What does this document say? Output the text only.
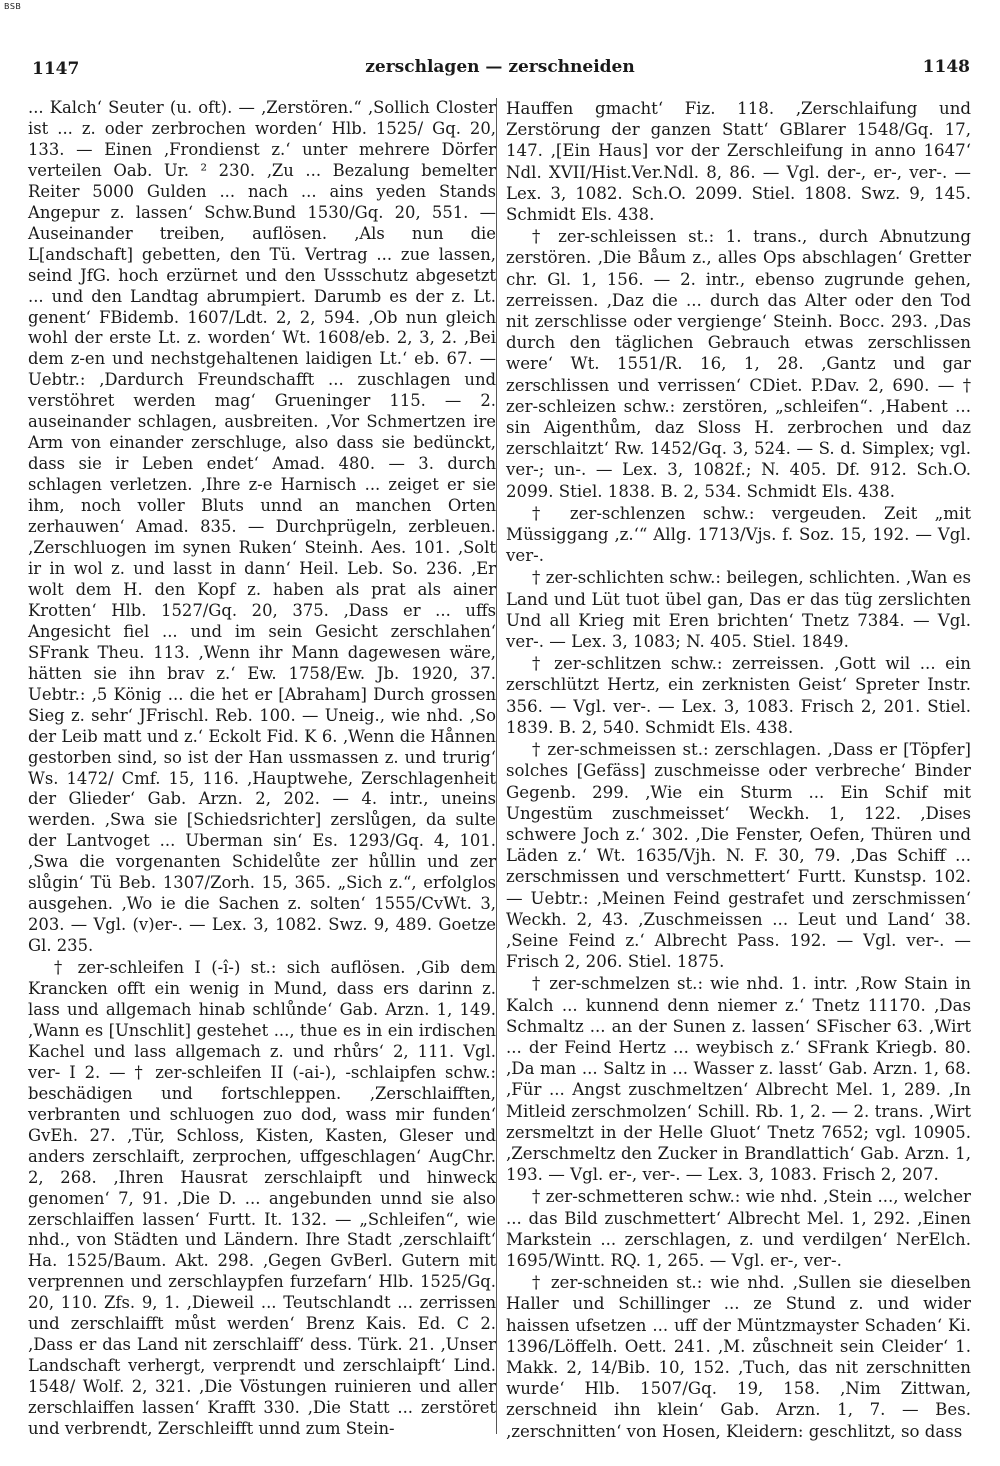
BSB
1147	zerschlagen — zerschneiden	1148

... Kalch‘ Seuter (u. oft). — ‚Zerstören.“ ‚Sollich Closter ist ... z. oder zerbrochen worden‘ Hlb. 1525/ Gq. 20, 133. — Einen ‚Frondienst z.‘ unter mehrere Dörfer verteilen Oab. Ur. ² 230. ‚Zu ... Bezalung bemelter Reiter 5000 Gulden ... nach ... ains yeden Stands Angepur z. lassen‘ Schw.Bund 1530/Gq. 20, 551. — Auseinander treiben, auflösen. ‚Als nun die L[andschaft] gebetten, den Tü. Vertrag ... zue lassen, seind JfG. hoch erzürnet und den Ussschutz abgesetzt ... und den Landtag abrumpiert. Darumb es der z. Lt. genent‘ FBidemb. 1607/Ldt. 2, 2, 594. ‚Ob nun gleich wohl der erste Lt. z. worden‘ Wt. 1608/eb. 2, 3, 2. ‚Bei dem z-en und nechstgehaltenen laidigen Lt.‘ eb. 67. — Uebtr.: ‚Dardurch Freundschafft ... zuschlagen und verstöhret werden mag‘ Grueninger 115. — 2. auseinander schlagen, ausbreiten. ‚Vor Schmertzen ire Arm von einander zerschluge, also dass sie bedünckt, dass sie ir Leben endet‘ Amad. 480. — 3. durch schlagen verletzen. ‚Ihre z-e Harnisch ... zeiget er sie ihm, noch voller Bluts unnd an manchen Orten zerhauwen‘ Amad. 835. — Durchprügeln, zerbleuen. ‚Zerschluogen im synen Ruken‘ Steinh. Aes. 101. ‚Solt ir in wol z. und lasst in dann‘ Heil. Leb. So. 236. ‚Er wolt dem H. den Kopf z. haben als prat als ainer Krotten‘ Hlb. 1527/Gq. 20, 375. ‚Dass er ... uffs Angesicht fiel ... und im sein Gesicht zerschlahen‘ SFrank Theu. 113. ‚Wenn ihr Mann dagewesen wäre, hätten sie ihn brav z.‘ Ew. 1758/Ew. Jb. 1920, 37. Uebtr.: ‚5 König ... die het er [Abraham] Durch grossen Sieg z. sehr‘ JFrischl. Reb. 100. — Uneig., wie nhd. ‚So der Leib matt und z.‘ Eckolt Fid. K 6. ‚Wenn die Hånnen gestorben sind, so ist der Han ussmassen z. und trurig‘ Ws. 1472/ Cmf. 15, 116. ‚Hauptwehe, Zerschlagenheit der Glieder‘ Gab. Arzn. 2, 202. — 4. intr., uneins werden. ‚Swa sie [Schiedsrichter] zerslůgen, da sulte der Lantvoget ... Uberman sin‘ Es. 1293/Gq. 4, 101. ‚Swa die vorgenanten Schidelůte zer hůllin und zer slůgin‘ Tü Beb. 1307/Zorh. 15, 365. „Sich z.“, erfolglos ausgehen. ‚Wo ie die Sachen z. solten‘ 1555/CvWt. 3, 203. — Vgl. (v)er-. — Lex. 3, 1082. Swz. 9, 489. Goetze Gl. 235.

† zer-schleifen I (-î-) st.: sich auflösen. ‚Gib dem Krancken offt ein wenig in Mund, dass ers darinn z. lass und allgemach hinab schlůnde‘ Gab. Arzn. 1, 149. ‚Wann es [Unschlit] gestehet ..., thue es in ein irdischen Kachel und lass allgemach z. und rhůrs‘ 2, 111. Vgl. ver- I 2. — † zer-schleifen II (-ai-), -schlaipfen schw.: beschädigen und fortschleppen. ‚Zerschlaifften, verbranten und schluogen zuo dod, wass mir funden‘ GvEh. 27. ‚Tür, Schloss, Kisten, Kasten, Gleser und anders zerschlaift, zerprochen, uffgeschlagen‘ AugChr. 2, 268. ‚Ihren Hausrat zerschlaipft und hinweck genomen‘ 7, 91. ‚Die D. ... angebunden unnd sie also zerschlaiffen lassen‘ Furtt. It. 132. — „Schleifen“, wie nhd., von Städten und Ländern. Ihre Stadt ‚zerschlaift‘ Ha. 1525/Baum. Akt. 298. ‚Gegen GvBerl. Gutern mit verprennen und zerschlaypfen furzefarn‘ Hlb. 1525/Gq. 20, 110. Zfs. 9, 1. ‚Dieweil ... Teutschlandt ... zerrissen und zerschlaifft můst werden‘ Brenz Kais. Ed. C 2. ‚Dass er das Land nit zerschlaiff‘ dess. Türk. 21. ‚Unser Landschaft verhergt, verprendt und zerschlaipft‘ Lind. 1548/ Wolf. 2, 321. ‚Die Vöstungen ruinieren und aller zerschlaiffen lassen‘ Krafft 330. ‚Die Statt ... zerstöret und verbrendt, Zerschleifft unnd zum Stein-

Hauffen gmacht‘ Fiz. 118. ‚Zerschlaifung und Zerstörung der ganzen Statt‘ GBlarer 1548/Gq. 17, 147. ‚[Ein Haus] vor der Zerschleifung in anno 1647‘ Ndl. XVII/Hist.Ver.Ndl. 8, 86. — Vgl. der-, er-, ver-. — Lex. 3, 1082. Sch.O. 2099. Stiel. 1808. Swz. 9, 145. Schmidt Els. 438.

† zer-schleissen st.: 1. trans., durch Abnutzung zerstören. ‚Die Båum z., alles Ops abschlagen‘ Gretter chr. Gl. 1, 156. — 2. intr., ebenso zugrunde gehen, zerreissen. ‚Daz die ... durch das Alter oder den Tod nit zerschlisse oder vergienge‘ Steinh. Bocc. 293. ‚Das durch den täglichen Gebrauch etwas zerschlissen were‘ Wt. 1551/R. 16, 1, 28. ‚Gantz und gar zerschlissen und verrissen‘ CDiet. P.Dav. 2, 690. — † zer-schleizen schw.: zerstören, „schleifen“. ‚Habent ... sin Aigenthům, daz Sloss H. zerbrochen und daz zerschlaitzt‘ Rw. 1452/Gq. 3, 524. — S. d. Simplex; vgl. ver-; un-. — Lex. 3, 1082f.; N. 405. Df. 912. Sch.O. 2099. Stiel. 1838. B. 2, 534. Schmidt Els. 438.

† zer-schlenzen schw.: vergeuden. Zeit „mit Müssiggang ‚z.‘“ Allg. 1713/Vjs. f. Soz. 15, 192. — Vgl. ver-.

† zer-schlichten schw.: beilegen, schlichten. ‚Wan es Land und Lüt tuot übel gan, Das er das tüg zerslichten Und all Krieg mit Eren brichten‘ Tnetz 7384. — Vgl. ver-. — Lex. 3, 1083; N. 405. Stiel. 1849.

† zer-schlitzen schw.: zerreissen. ‚Gott wil ... ein zerschlützt Hertz, ein zerknisten Geist‘ Spreter Instr. 356. — Vgl. ver-. — Lex. 3, 1083. Frisch 2, 201. Stiel. 1839. B. 2, 540. Schmidt Els. 438.

† zer-schmeissen st.: zerschlagen. ‚Dass er [Töpfer] solches [Gefäss] zuschmeisse oder verbreche‘ Binder Gegenb. 299. ‚Wie ein Sturm ... Ein Schif mit Ungestüm zuschmeisset‘ Weckh. 1, 122. ‚Dises schwere Joch z.‘ 302. ‚Die Fenster, Oefen, Thüren und Läden z.‘ Wt. 1635/Vjh. N. F. 30, 79. ‚Das Schiff ... zerschmissen und verschmettert‘ Furtt. Kunstsp. 102. — Uebtr.: ‚Meinen Feind gestrafet und zerschmissen‘ Weckh. 2, 43. ‚Zuschmeissen ... Leut und Land‘ 38. ‚Seine Feind z.‘ Albrecht Pass. 192. — Vgl. ver-. — Frisch 2, 206. Stiel. 1875.

† zer-schmelzen st.: wie nhd. 1. intr. ‚Row Stain in Kalch ... kunnend denn niemer z.‘ Tnetz 11170. ‚Das Schmaltz ... an der Sunen z. lassen‘ SFischer 63. ‚Wirt ... der Feind Hertz ... weybisch z.‘ SFrank Kriegb. 80. ‚Da man ... Saltz in ... Wasser z. lasst‘ Gab. Arzn. 1, 68. ‚Für ... Angst zuschmeltzen‘ Albrecht Mel. 1, 289. ‚In Mitleid zerschmolzen‘ Schill. Rb. 1, 2. — 2. trans. ‚Wirt zersmeltzt in der Helle Gluot‘ Tnetz 7652; vgl. 10905. ‚Zerschmeltz den Zucker in Brandlattich‘ Gab. Arzn. 1, 193. — Vgl. er-, ver-. — Lex. 3, 1083. Frisch 2, 207.

† zer-schmetteren schw.: wie nhd. ‚Stein ..., welcher ... das Bild zuschmettert‘ Albrecht Mel. 1, 292. ‚Einen Markstein ... zerschlagen, z. und verdilgen‘ NerElch. 1695/Wintt. RQ. 1, 265. — Vgl. er-, ver-.

† zer-schneiden st.: wie nhd. ‚Sullen sie dieselben Haller und Schillinger ... ze Stund z. und wider haissen ufsetzen ... uff der Müntzmayster Schaden‘ Ki. 1396/Löffelh. Oett. 241. ‚M. zůschneit sein Cleider‘ 1. Makk. 2, 14/Bib. 10, 152. ‚Tuch, das nit zerschnitten wurde‘ Hlb. 1507/Gq. 19, 158. ‚Nim Zittwan, zerschneid ihn klein‘ Gab. Arzn. 1, 7. — Bes. ‚zerschnitten‘ von Hosen, Kleidern: geschlitzt, so dass
